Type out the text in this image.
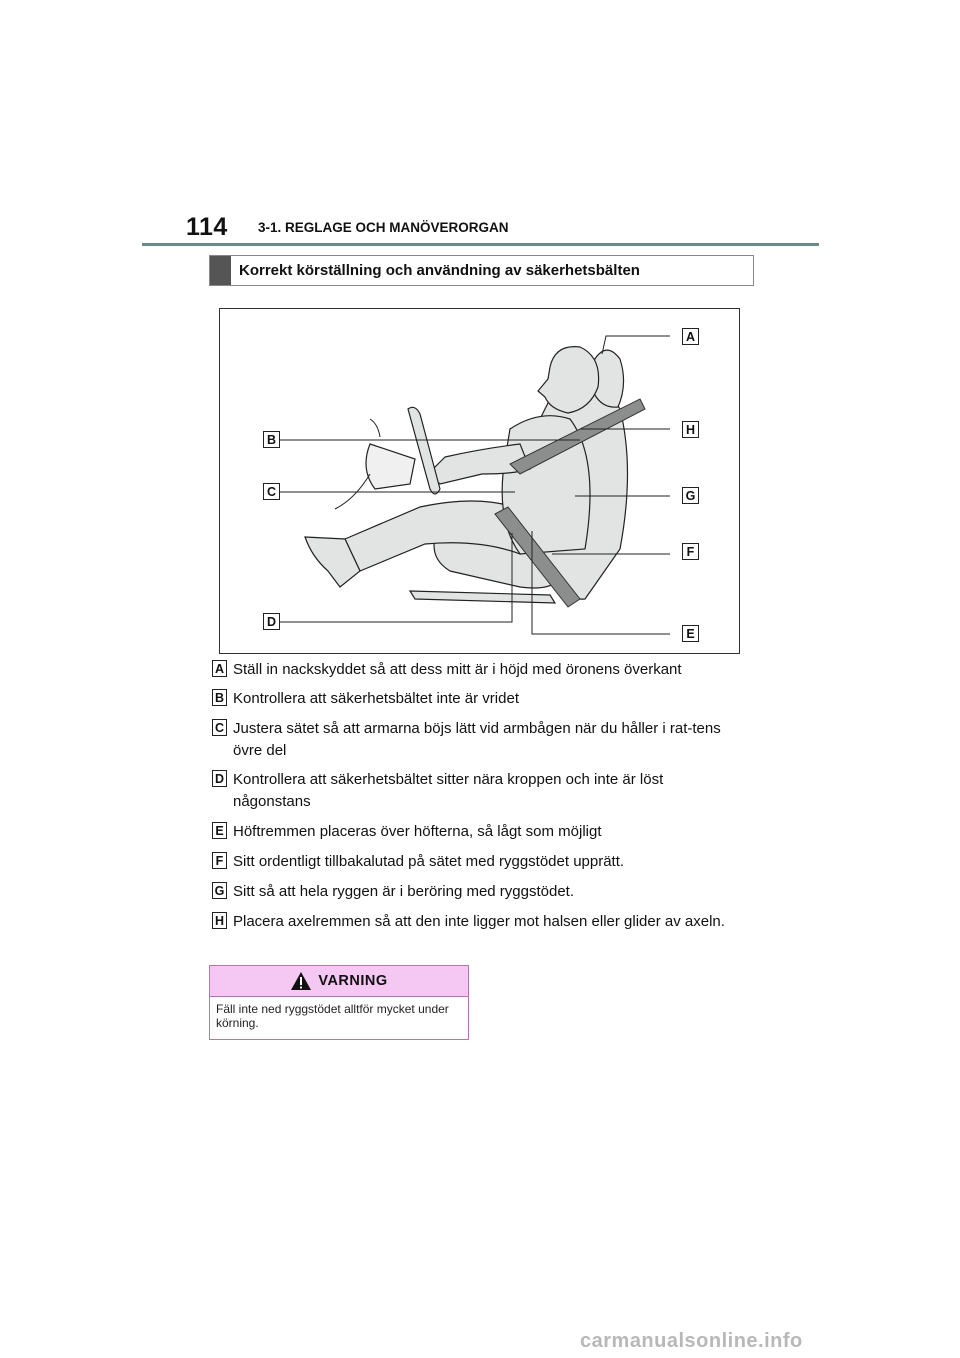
114 3-1. REGLAGE OCH MANÖVERORGAN
Korrekt körställning och användning av säkerhetsbälten
A
B
C
D
E
F
G
H
A Ställ in nackskyddet så att dess mitt är i höjd med öronens överkant
B Kontrollera att säkerhetsbältet inte är vridet
C Justera sätet så att armarna böjs lätt vid armbågen när du håller i rat-tens övre del
D Kontrollera att säkerhetsbältet sitter nära kroppen och inte är löst någonstans
E Höftremmen placeras över höfterna, så lågt som möjligt
F Sitt ordentligt tillbakalutad på sätet med ryggstödet upprätt.
G Sitt så att hela ryggen är i beröring med ryggstödet.
H Placera axelremmen så att den inte ligger mot halsen eller glider av axeln.
VARNING
Fäll inte ned ryggstödet alltför mycket under körning.
carmanualsonline.info
